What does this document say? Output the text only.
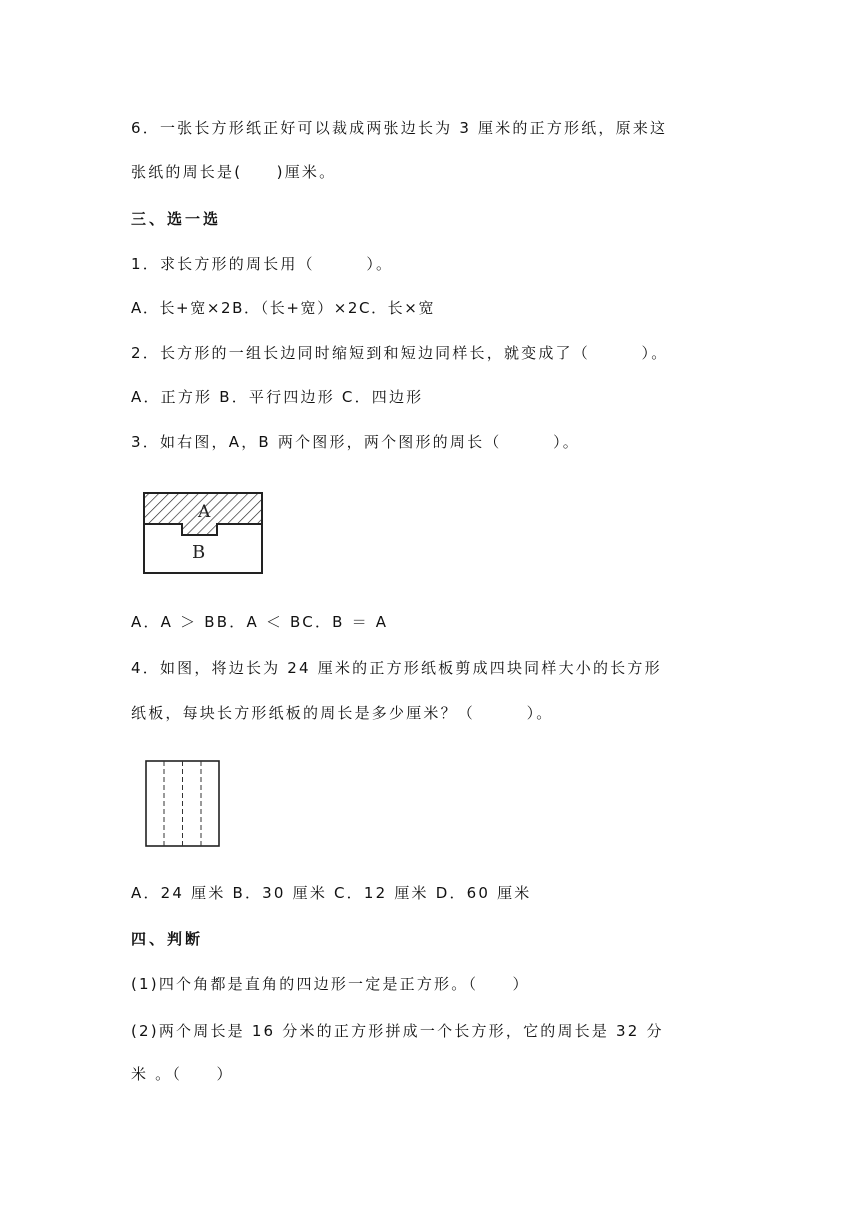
6．一张长方形纸正好可以裁成两张边长为 3 厘米的正方形纸，原来这
张纸的周长是(　　)厘米。
三、选一选
1．求长方形的周长用（　　　）。
A．长+宽×2B．（长+宽）×2C．长×宽
2．长方形的一组长边同时缩短到和短边同样长，就变成了（　　　）。
A．正方形 B．平行四边形 C．四边形
3．如右图，A，B 两个图形，两个图形的周长（　　　）。
A
B
A．A ＞ BB．A ＜ BC．B ＝ A
4．如图，将边长为 24 厘米的正方形纸板剪成四块同样大小的长方形
纸板，每块长方形纸板的周长是多少厘米？（　　　）。
A．24 厘米 B．30 厘米 C．12 厘米 D．60 厘米
四、判断
(1)四个角都是直角的四边形一定是正方形。（　　）
(2)两个周长是 16 分米的正方形拼成一个长方形，它的周长是 32 分
米 。（　　）
